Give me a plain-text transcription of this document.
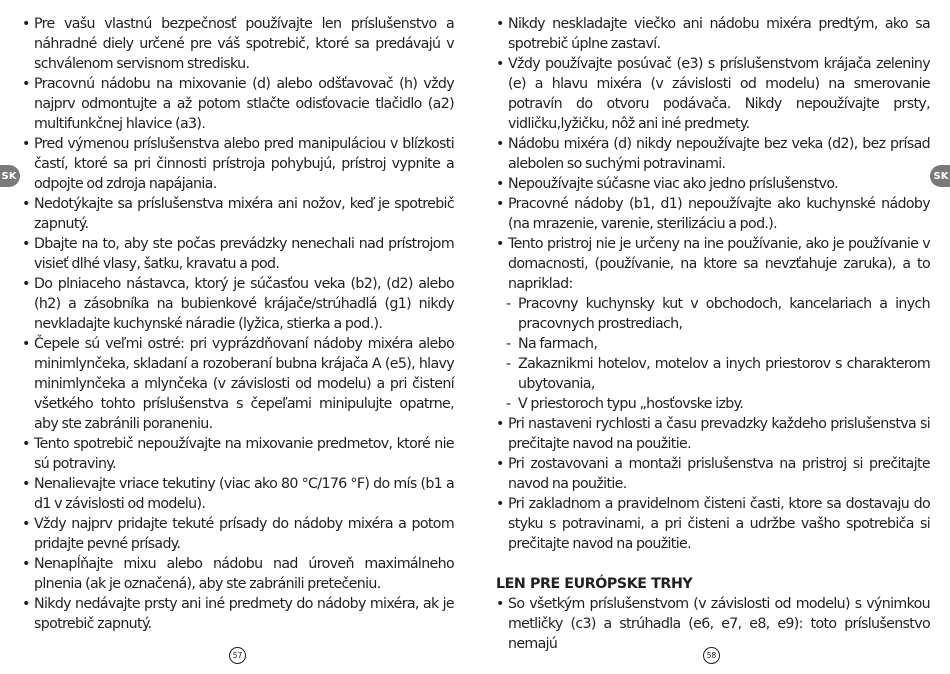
SK	SK
• Pre vašu vlastnú bezpečnosť používajte len príslušenstvo a náhradné diely určené pre váš spotrebič, ktoré sa predávajú v schválenom servisnom stredisku.
• Pracovnú nádobu na mixovanie (d) alebo odšťavovač (h) vždy najprv odmontujte a až potom stlačte odisťovacie tlačidlo (a2) multifunkčnej hlavice (a3).
• Pred výmenou príslušenstva alebo pred manipuláciou v blízkosti častí, ktoré sa pri činnosti prístroja pohybujú, prístroj vypnite a odpojte od zdroja napájania.
• Nedotýkajte sa príslušenstva mixéra ani nožov, keď je spotrebič zapnutý.
• Dbajte na to, aby ste počas prevádzky nenechali nad prístrojom visieť dlhé vlasy, šatku, kravatu a pod.
• Do plniaceho nástavca, ktorý je súčasťou veka (b2), (d2) alebo (h2) a zásobníka na bubienkové krájače/strúhadlá (g1) nikdy nevkladajte kuchynské náradie (lyžica, stierka a pod.).
• Čepele sú veľmi ostré: pri vyprázdňovaní nádoby mixéra alebo minimlynčeka, skladaní a rozoberaní bubna krájača A (e5), hlavy minimlynčeka a mlynčeka (v závislosti od modelu) a pri čistení všetkého tohto príslušenstva s čepeľami minipulujte opatrne, aby ste zabránili poraneniu.
• Tento spotrebič nepoužívajte na mixovanie predmetov, ktoré nie sú potraviny.
• Nenalievajte vriace tekutiny (viac ako 80 °C/176 °F) do mís (b1 a d1 v závislosti od modelu).
• Vždy najprv pridajte tekuté prísady do nádoby mixéra a potom pridajte pevné prísady.
• Nenapĺňajte mixu alebo nádobu nad úroveň maximálneho plnenia (ak je označená), aby ste zabránili pretečeniu.
• Nikdy nedávajte prsty ani iné predmety do nádoby mixéra, ak je spotrebič zapnutý.
• Nikdy neskladajte viečko ani nádobu mixéra predtým, ako sa spotrebič úplne zastaví.
• Vždy používajte posúvač (e3) s príslušenstvom krájača zeleniny (e) a hlavu mixéra (v závislosti od modelu) na smerovanie potravín do otvoru podávača. Nikdy nepoužívajte prsty, vidličku,lyžičku, nôž ani iné predmety.
• Nádobu mixéra (d) nikdy nepoužívajte bez veka (d2), bez prísad alebolen so suchými potravinami.
• Nepoužívajte súčasne viac ako jedno príslušenstvo.
• Pracovné nádoby (b1, d1) nepoužívajte ako kuchynské nádoby (na mrazenie, varenie, sterilizáciu a pod.).
• Tento pristroj nie je určeny na ine používanie, ako je používanie v domacnosti, (používanie, na ktore sa nevzťahuje zaruka), a to napriklad:
- Pracovny kuchynsky kut v obchodoch, kancelariach a inych pracovnych prostrediach,
- Na farmach,
- Zakaznikmi hotelov, motelov a inych priestorov s charakterom ubytovania,
- V priestoroch typu „hosťovske izby.
• Pri nastaveni rychlosti a času prevadzky každeho prislušenstva si prečitajte navod na použitie.
• Pri zostavovani a montaži prislušenstva na pristroj si prečitajte navod na použitie.
• Pri zakladnom a pravidelnom čisteni časti, ktore sa dostavaju do styku s potravinami, a pri čisteni a udržbe vašho spotrebiča si prečitajte navod na použitie.
LEN PRE EURÓPSKE TRHY
• So všetkým príslušenstvom (v závislosti od modelu) s výnimkou metličky (c3) a strúhadla (e6, e7, e8, e9): toto príslušenstvo nemajú
57	58
